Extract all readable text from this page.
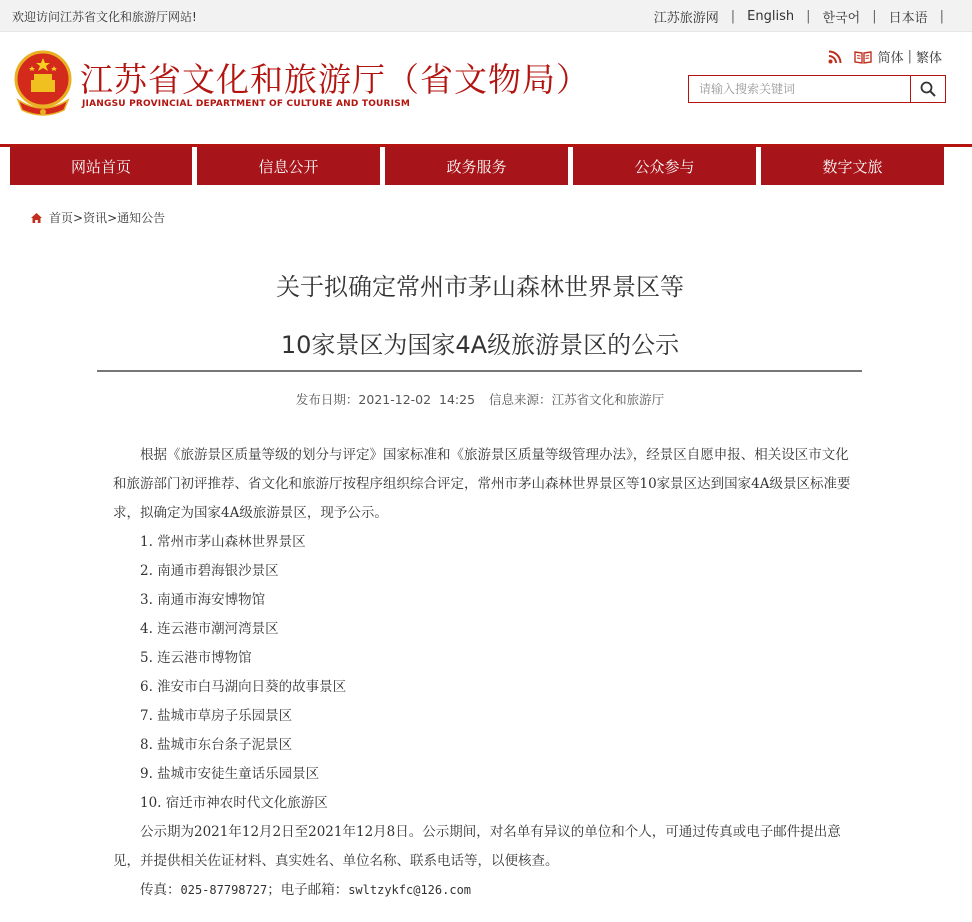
欢迎访问江苏省文化和旅游厅网站!	江苏旅游网 | English | 한국어 | 日本语 |
江苏省文化和旅游厅（省文物局）
JIANGSU PROVINCIAL DEPARTMENT OF CULTURE AND TOURISM
简体 | 繁体
请输入搜索关键词
网站首页	信息公开	政务服务	公众参与	数字文旅
首页 > 资讯 > 通知公告
关于拟确定常州市茅山森林世界景区等
10家景区为国家4A级旅游景区的公示
发布日期：2021-12-02  14:25 信息来源：江苏省文化和旅游厅

根据《旅游景区质量等级的划分与评定》国家标准和《旅游景区质量等级管理办法》，经景区自愿申报、相关设区市文化和旅游部门初评推荐、省文化和旅游厅按程序组织综合评定，常州市茅山森林世界景区等10家景区达到国家4A级景区标准要求，拟确定为国家4A级旅游景区，现予公示。

1. 常州市茅山森林世界景区

2. 南通市碧海银沙景区

3. 南通市海安博物馆

4. 连云港市潮河湾景区

5. 连云港市博物馆

6. 淮安市白马湖向日葵的故事景区

7. 盐城市草房子乐园景区

8. 盐城市东台条子泥景区

9. 盐城市安徒生童话乐园景区

10. 宿迁市神农时代文化旅游区

公示期为2021年12月2日至2021年12月8日。公示期间，对名单有异议的单位和个人，可通过传真或电子邮件提出意见，并提供相关佐证材料、真实姓名、单位名称、联系电话等，以便核查。

传真：025-87798727；电子邮箱：swltzykfc@126.com
